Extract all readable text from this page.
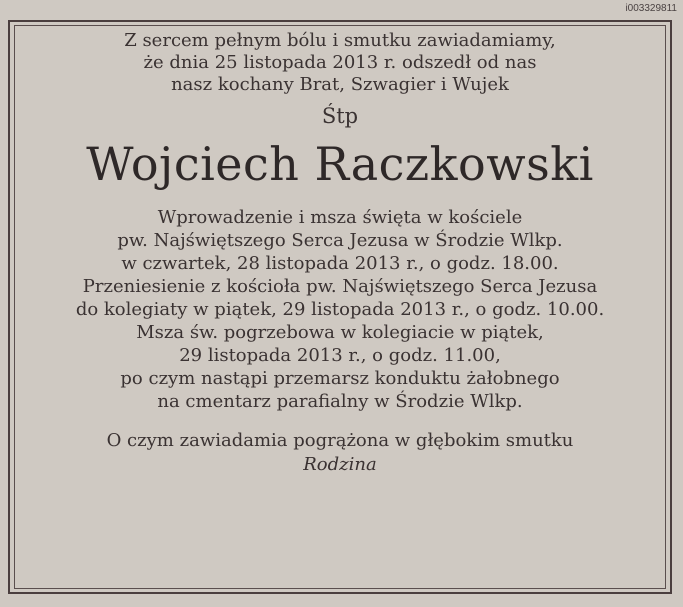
i003329811

Z sercem pełnym bólu i smutku zawiadamiamy,

że dnia 25 listopada 2013 r. odszedł od nas

nasz kochany Brat, Szwagier i Wujek

Śtp
Wojciech Raczkowski

Wprowadzenie i msza święta w kościele

pw. Najświętszego Serca Jezusa w Środzie Wlkp.

w czwartek, 28 listopada 2013 r., o godz. 18.00.

Przeniesienie z kościoła pw. Najświętszego Serca Jezusa

do kolegiaty w piątek, 29 listopada 2013 r., o godz. 10.00.

Msza św. pogrzebowa w kolegiacie w piątek,

29 listopada 2013 r., o godz. 11.00,

po czym nastąpi przemarsz konduktu żałobnego

na cmentarz parafialny w Środzie Wlkp.

O czym zawiadamia pogrążona w głębokim smutku

Rodzina
